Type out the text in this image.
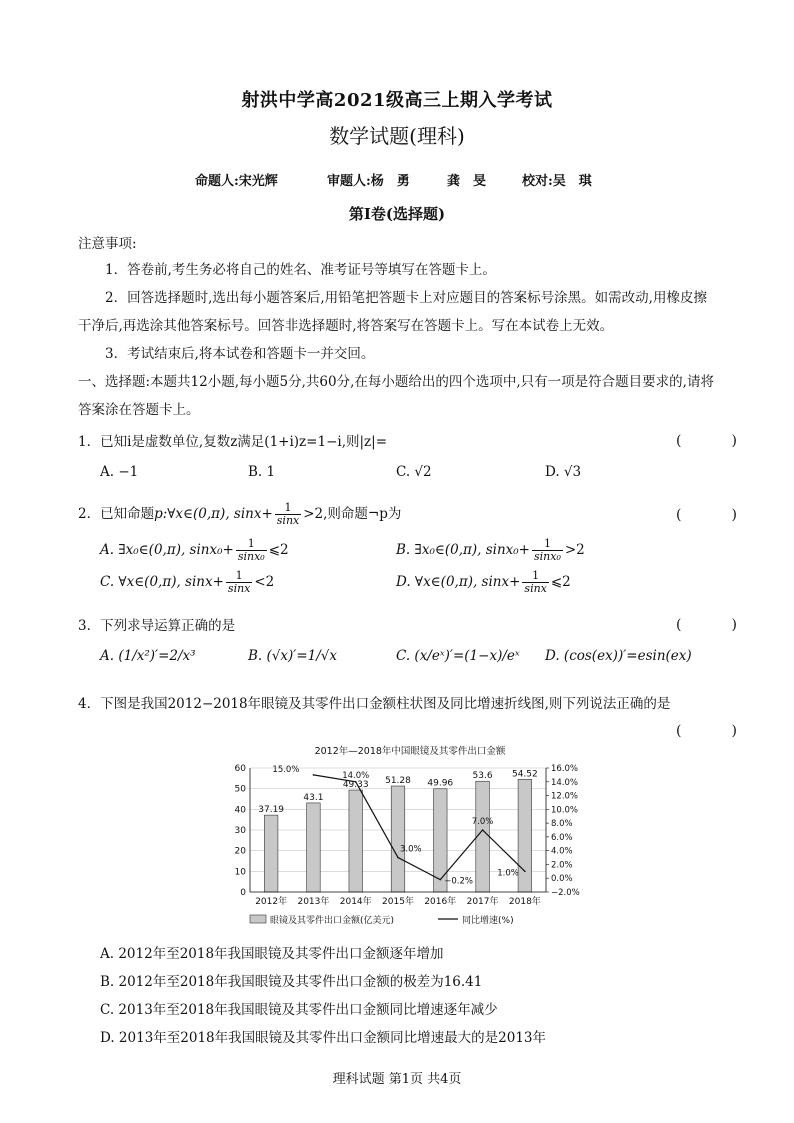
射洪中学高2021级高三上期入学考试
数学试题(理科)
命题人:宋光辉	审题人:杨　勇	龚　旻	校对:吴　琪
第Ⅰ卷(选择题)
注意事项:
1．答卷前,考生务必将自己的姓名、准考证号等填写在答题卡上。
2．回答选择题时,选出每小题答案后,用铅笔把答题卡上对应题目的答案标号涂黑。如需改动,用橡皮擦干净后,再选涂其他答案标号。回答非选择题时,将答案写在答题卡上。写在本试卷上无效。
3．考试结束后,将本试卷和答题卡一并交回。
一、选择题:本题共12小题,每小题5分,共60分,在每小题给出的四个选项中,只有一项是符合题目要求的,请将答案涂在答题卡上。
1．已知i是虚数单位,复数z满足(1+i)z=1−i,则|z|=	(　)
A. −1	B. 1	C. √2	D. √3
2．已知命题p:∀x∈(0,π), $\sin x+ \frac{1}{\sin x} >2$,则命题¬p为	(　)
A. ∃x₀∈(0,π), $\sin x_0+ \frac{1}{\text{sinx₀}}$ ⩽2	B. ∃x₀∈(0,π), $\sin x_0+ \frac{1}{\text{sinx₀}} >2$
C. ∀x∈(0,π), $\sin x+ \frac{1}{\sin x} <2$	D. ∀x∈(0,π), $\sin x+ \frac{1}{\sin x}$ ⩽2
3．下列求导运算正确的是	(　)
A. (1/x²)′=2/x³	B. (√x)′=1/√x	C. (x/eˣ)′=(1−x)/eˣ D. (cos(ex))′=esin(ex)
4．下图是我国2012−2018年眼镜及其零件出口金额柱状图及同比增速折线图,则下列说法正确的是
(　)
2012年—2018年中国眼镜及其零件出口金额
0
10
20
30
40
50
60
−2.0%
0.0%
2.0%
4.0%
6.0%
8.0%
10.0%
12.0%
14.0%
16.0%
2012年 2013年 2014年 2015年 2016年 2017年 2018年
37.19
43.1
49.33 51.28 49.96
53.6 54.52
15.0%
14.0%
3.0%
−0.2%
7.0%
1.0%
眼镜及其零件出口金额(亿美元)	同比增速(%)
A. 2012年至2018年我国眼镜及其零件出口金额逐年增加
B. 2012年至2018年我国眼镜及其零件出口金额的极差为16.41
C. 2013年至2018年我国眼镜及其零件出口金额同比增速逐年减少
D. 2013年至2018年我国眼镜及其零件出口金额同比增速最大的是2013年
理科试题 第1页 共4页
